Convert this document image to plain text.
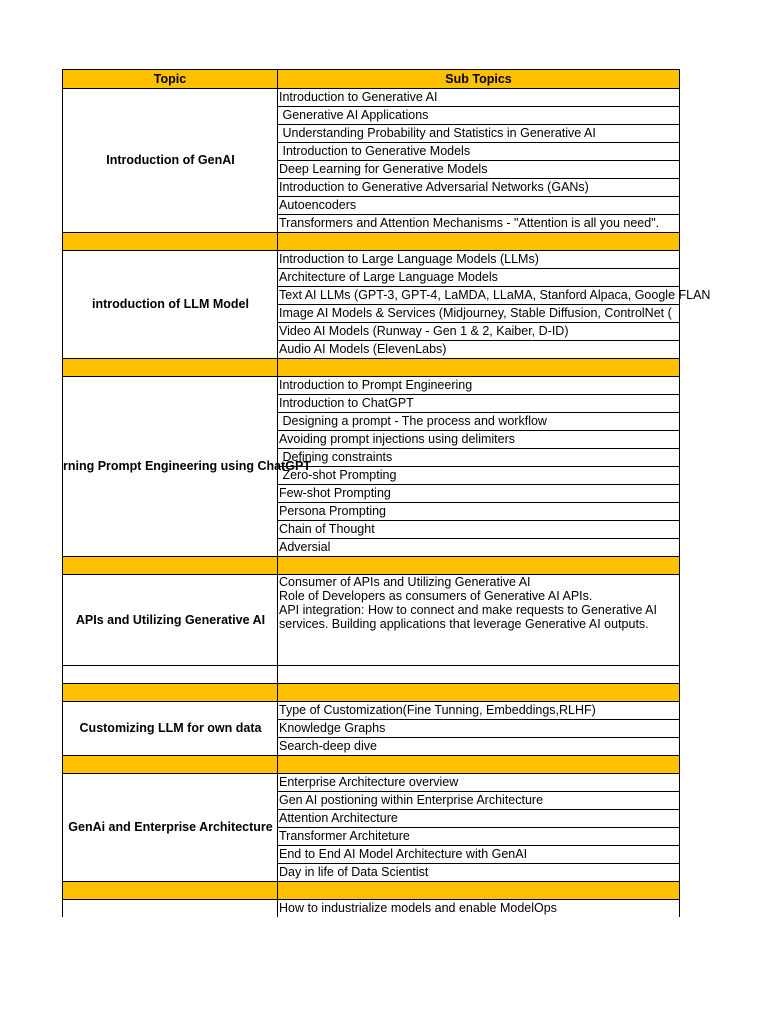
Topic	Sub Topics

Introduction of GenAI	Introduction to Generative AI
	Generative AI Applications
	Understanding Probability and Statistics in Generative AI
	Introduction to Generative Models
	Deep Learning for Generative Models
	Introduction to Generative Adversarial Networks (GANs)
	Autoencoders
	Transformers and Attention Mechanisms - "Attention is all you need".

introduction of LLM Model	Introduction to Large Language Models (LLMs)
	Architecture of Large Language Models
	Text AI LLMs (GPT-3, GPT-4, LaMDA, LLaMA, Stanford Alpaca, Google FLAN
	Image AI Models & Services (Midjourney, Stable Diffusion, ControlNet (
	Video AI Models (Runway - Gen 1 & 2, Kaiber, D-ID)
	Audio AI Models (ElevenLabs)

rning Prompt Engineering using ChatGPT	Introduction to Prompt Engineering
	Introduction to ChatGPT
	Designing a prompt - The process and workflow
	Avoiding prompt injections using delimiters
	Defining constraints
	Zero-shot Prompting
	Few-shot Prompting
	Persona Prompting
	Chain of Thought
	Adversial

APIs and Utilizing Generative AI	Consumer of APIs and Utilizing Generative AI
Role of Developers as consumers of Generative AI APIs.
API integration: How to connect and make requests to Generative AI
services. Building applications that leverage Generative AI outputs.

Customizing LLM for own data	Type of Customization(Fine Tunning, Embeddings,RLHF)
	Knowledge Graphs
	Search-deep dive

GenAi and Enterprise Architecture	Enterprise Architecture overview
	Gen AI postioning within Enterprise Architecture
	Attention Architecture
	Transformer Architeture
	End to End AI Model Architecture with GenAI
	Day in life of Data Scientist

	How to industrialize models and enable ModelOps
